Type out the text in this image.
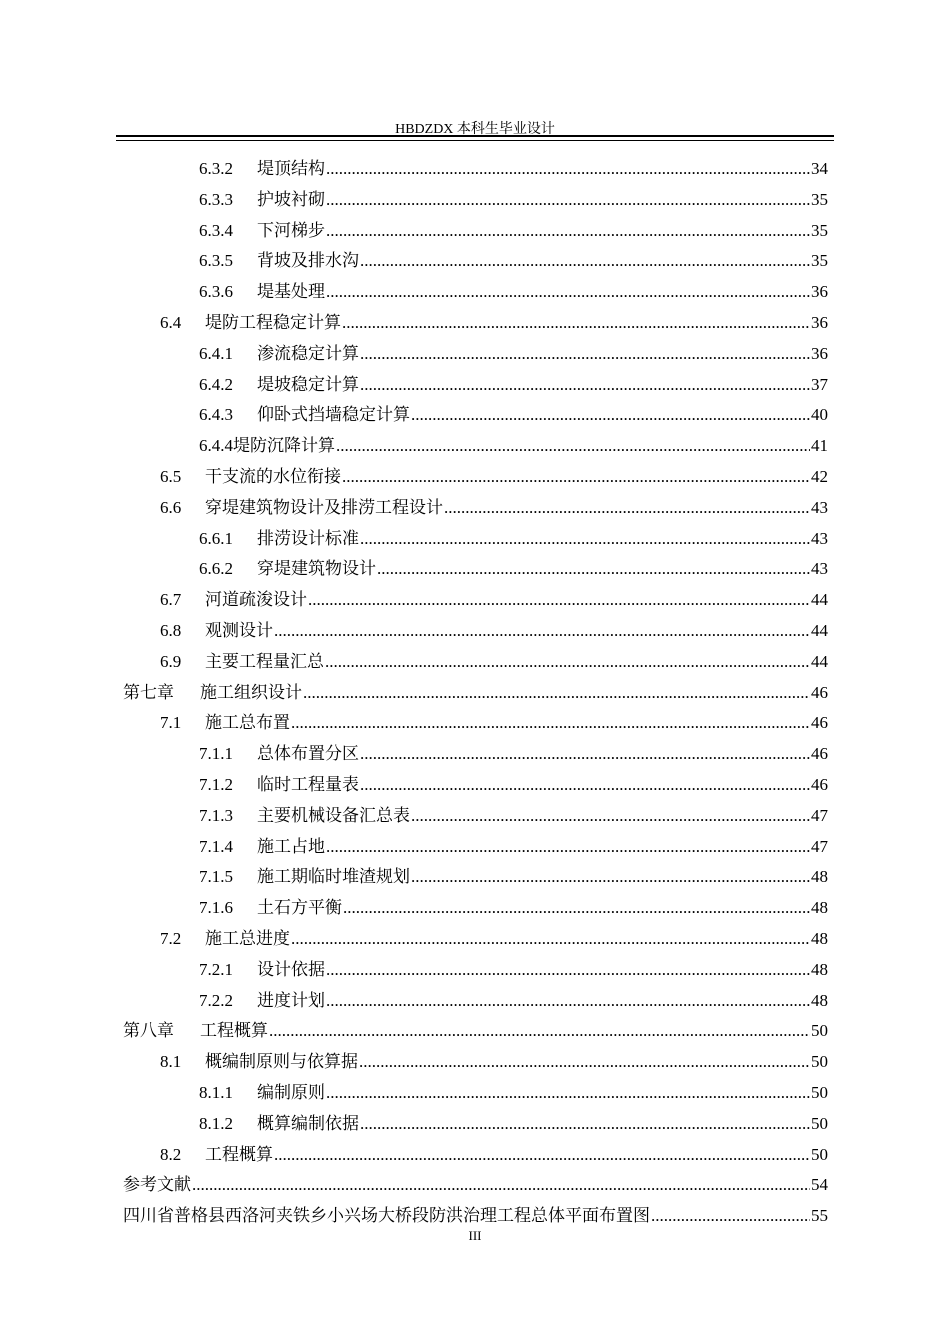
HBDZDX 本科生毕业设计
6.3.2	堤顶结构 .....	34
6.3.3	护坡衬砌 .....	35
6.3.4	下河梯步 .....	35
6.3.5	背坡及排水沟 .....	35
6.3.6	堤基处理 .....	36
6.4	堤防工程稳定计算 .....	36
6.4.1	渗流稳定计算 .....	36
6.4.2	堤坡稳定计算 .....	37
6.4.3	仰卧式挡墙稳定计算 .....	40
6.4.4 堤防沉降计算 .....	41
6.5	干支流的水位衔接 .....	42
6.6	穿堤建筑物设计及排涝工程设计 .....	43
6.6.1	排涝设计标准 .....	43
6.6.2	穿堤建筑物设计 .....	43
6.7	河道疏浚设计 .....	44
6.8	观测设计 .....	44
6.9	主要工程量汇总 .....	44
第七章	施工组织设计 .....	46
7.1	施工总布置 .....	46
7.1.1	总体布置分区 .....	46
7.1.2	临时工程量表 .....	46
7.1.3	主要机械设备汇总表 .....	47
7.1.4	施工占地 .....	47
7.1.5	施工期临时堆渣规划 .....	48
7.1.6	土石方平衡 .....	48
7.2	施工总进度 .....	48
7.2.1	设计依据 .....	48
7.2.2	进度计划 .....	48
第八章	工程概算 .....	50
8.1	概编制原则与依算据 .....	50
8.1.1	编制原则 .....	50
8.1.2	概算编制依据 .....	50
8.2	工程概算 .....	50
参考文献 .....	54
四川省普格县西洛河夹铁乡小兴场大桥段防洪治理工程总体平面布置图 .....	55
III
